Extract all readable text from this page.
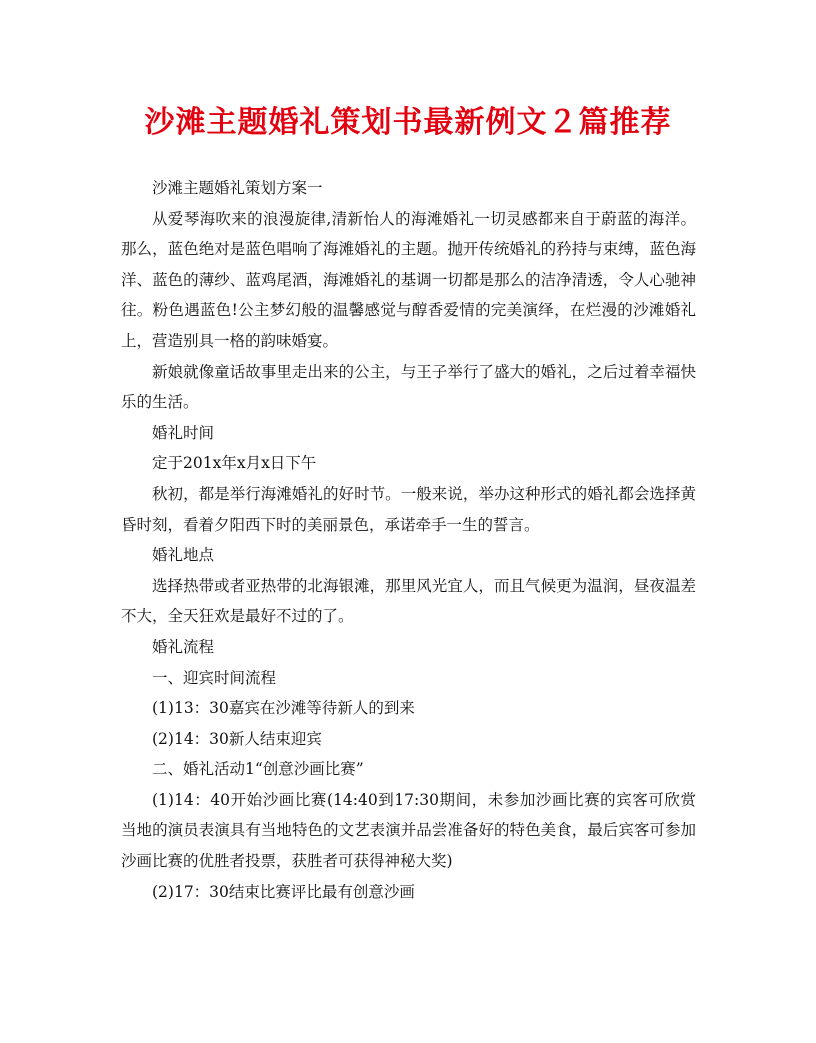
沙滩主题婚礼策划书最新例文２篇推荐

沙滩主题婚礼策划方案一

从爱琴海吹来的浪漫旋律,清新怡人的海滩婚礼一切灵感都来自于蔚蓝的海洋。那么，蓝色绝对是蓝色唱响了海滩婚礼的主题。抛开传统婚礼的矜持与束缚，蓝色海洋、蓝色的薄纱、蓝鸡尾酒，海滩婚礼的基调一切都是那么的洁净清透，令人心驰神往。粉色遇蓝色!公主梦幻般的温馨感觉与醇香爱情的完美演绎，在烂漫的沙滩婚礼上，营造别具一格的韵味婚宴。

新娘就像童话故事里走出来的公主，与王子举行了盛大的婚礼，之后过着幸福快乐的生活。

婚礼时间

定于201x年x月x日下午

秋初，都是举行海滩婚礼的好时节。一般来说，举办这种形式的婚礼都会选择黄昏时刻，看着夕阳西下时的美丽景色，承诺牵手一生的誓言。

婚礼地点

选择热带或者亚热带的北海银滩，那里风光宜人，而且气候更为温润，昼夜温差不大，全天狂欢是最好不过的了。

婚礼流程

一、迎宾时间流程

(1)13：30嘉宾在沙滩等待新人的到来

(2)14：30新人结束迎宾

二、婚礼活动1“创意沙画比赛”

(1)14：40开始沙画比赛(14:40到17:30期间，未参加沙画比赛的宾客可欣赏当地的演员表演具有当地特色的文艺表演并品尝准备好的特色美食，最后宾客可参加沙画比赛的优胜者投票，获胜者可获得神秘大奖)

(2)17：30结束比赛评比最有创意沙画
